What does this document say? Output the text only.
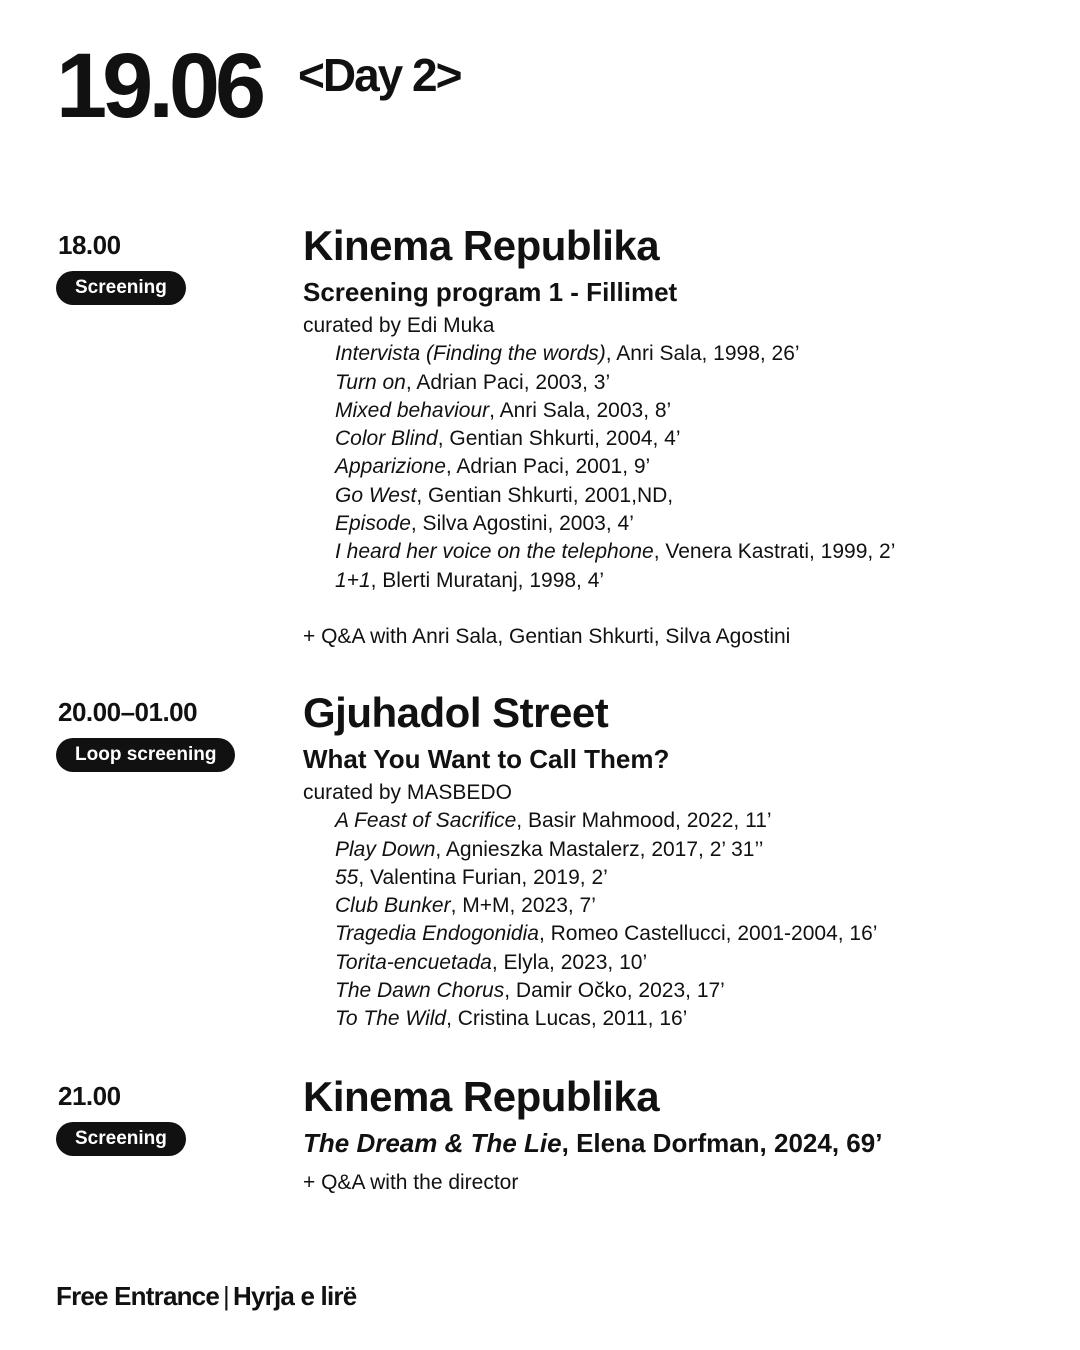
19.06 <Day 2>
18.00
Screening
Kinema Republika
Screening program 1 - Fillimet
curated by Edi Muka
Intervista (Finding the words), Anri Sala, 1998, 26’
Turn on, Adrian Paci, 2003, 3’
Mixed behaviour, Anri Sala, 2003, 8’
Color Blind, Gentian Shkurti, 2004, 4’
Apparizione, Adrian Paci, 2001, 9’
Go West, Gentian Shkurti, 2001,ND,
Episode, Silva Agostini, 2003, 4’
I heard her voice on the telephone, Venera Kastrati, 1999, 2’
1+1, Blerti Muratanj, 1998, 4’
+ Q&A with Anri Sala, Gentian Shkurti, Silva Agostini
20.00–01.00
Loop screening
Gjuhadol Street
What You Want to Call Them?
curated by MASBEDO
A Feast of Sacrifice, Basir Mahmood, 2022, 11’
Play Down, Agnieszka Mastalerz, 2017, 2’ 31’’
55, Valentina Furian, 2019, 2’
Club Bunker, M+M, 2023, 7’
Tragedia Endogonidia, Romeo Castellucci, 2001-2004, 16’
Torita-encuetada, Elyla, 2023, 10’
The Dawn Chorus, Damir Očko, 2023, 17’
To The Wild, Cristina Lucas, 2011, 16’
21.00
Screening
Kinema Republika
The Dream & The Lie, Elena Dorfman, 2024, 69’
+ Q&A with the director
Free Entrance | Hyrja e lirë
